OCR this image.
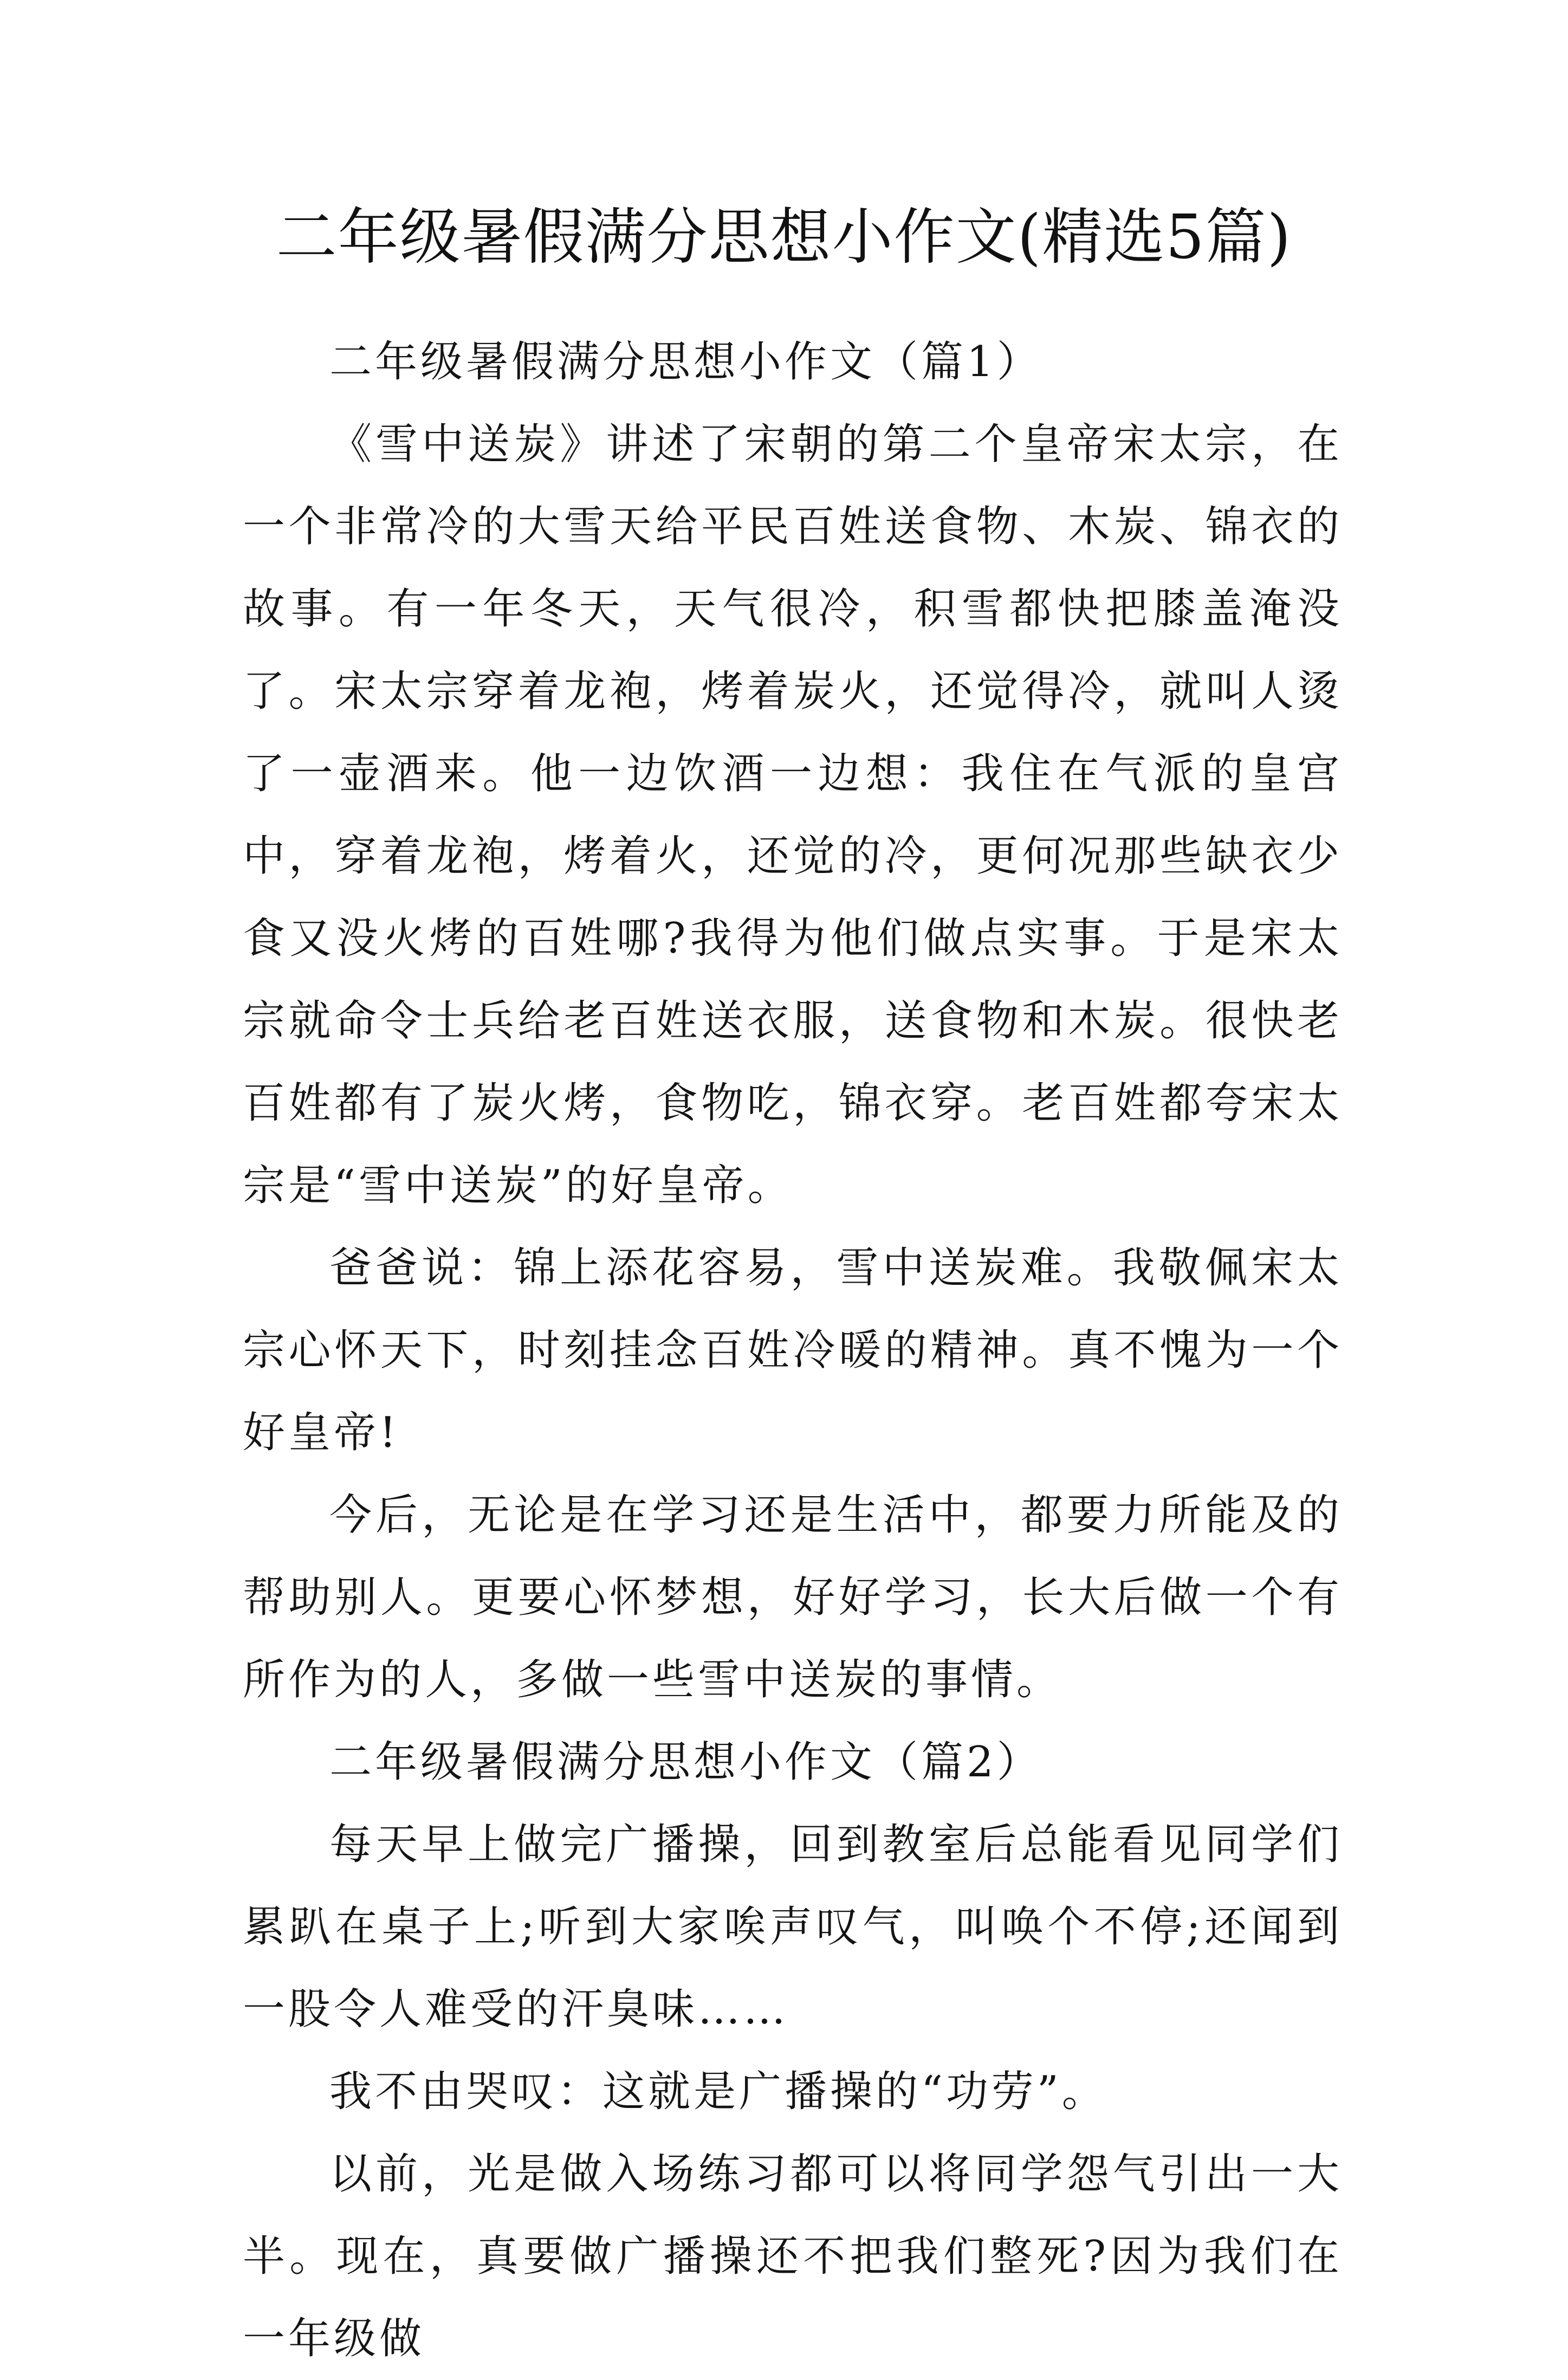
二年级暑假满分思想小作文(精选5篇)
二年级暑假满分思想小作文（篇1）

《雪中送炭》讲述了宋朝的第二个皇帝宋太宗，在一个非常冷的大雪天给平民百姓送食物、木炭、锦衣的故事。有一年冬天，天气很冷，积雪都快把膝盖淹没了。宋太宗穿着龙袍，烤着炭火，还觉得冷，就叫人烫了一壶酒来。他一边饮酒一边想：我住在气派的皇宫中，穿着龙袍，烤着火，还觉的冷，更何况那些缺衣少食又没火烤的百姓哪?我得为他们做点实事。于是宋太宗就命令士兵给老百姓送衣服，送食物和木炭。很快老百姓都有了炭火烤，食物吃，锦衣穿。老百姓都夸宋太宗是“雪中送炭”的好皇帝。

爸爸说：锦上添花容易，雪中送炭难。我敬佩宋太宗心怀天下，时刻挂念百姓冷暖的精神。真不愧为一个好皇帝!

今后，无论是在学习还是生活中，都要力所能及的帮助别人。更要心怀梦想，好好学习，长大后做一个有所作为的人，多做一些雪中送炭的事情。

二年级暑假满分思想小作文（篇2）

每天早上做完广播操，回到教室后总能看见同学们累趴在桌子上;听到大家唉声叹气，叫唤个不停;还闻到一股令人难受的汗臭味……

我不由哭叹：这就是广播操的“功劳”。

以前，光是做入场练习都可以将同学怨气引出一大半。现在，真要做广播操还不把我们整死?因为我们在一年级做
